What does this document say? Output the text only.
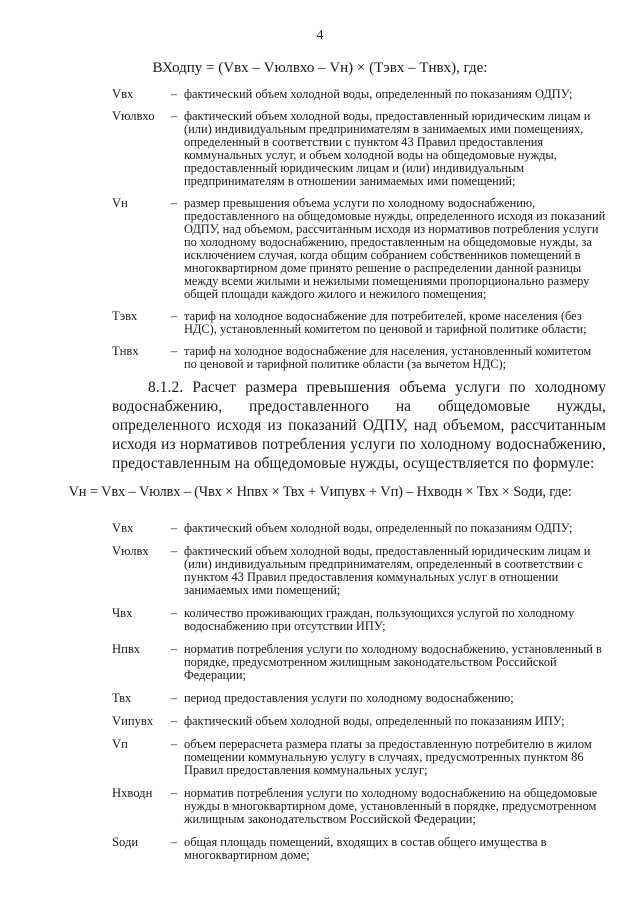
4
ВХодпу = (Vвх – Vюлвхо – Vн) × (Тэвх – Тнвх), где:
Vвх	– фактический объем холодной воды, определенный по показаниям ОДПУ;
Vюлвхо	– фактический объем холодной воды, предоставленный юридическим лицам и (или) индивидуальным предпринимателям в занимаемых ими помещениях, определенный в соответствии с пунктом 43 Правил предоставления коммунальных услуг, и объем холодной воды на общедомовые нужды, предоставленный юридическим лицам и (или) индивидуальным предпринимателям в отношении занимаемых ими помещений;
Vн	– размер превышения объема услуги по холодному водоснабжению, предоставленного на общедомовые нужды, определенного исходя из показаний ОДПУ, над объемом, рассчитанным исходя из нормативов потребления услуги по холодному водоснабжению, предоставленным на общедомовые нужды, за исключением случая, когда общим собранием собственников помещений в многоквартирном доме принято решение о распределении данной разницы между всеми жилыми и нежилыми помещениями пропорционально размеру общей площади каждого жилого и нежилого помещения;
Тэвх	– тариф на холодное водоснабжение для потребителей, кроме населения (без НДС), установленный комитетом по ценовой и тарифной политике области;
Тнвх	– тариф на холодное водоснабжение для населения, установленный комитетом по ценовой и тарифной политике области (за вычетом НДС);
8.1.2. Расчет размера превышения объема услуги по холодному водоснабжению, предоставленного на общедомовые нужды, определенного исходя из показаний ОДПУ, над объемом, рассчитанным исходя из нормативов потребления услуги по холодному водоснабжению, предоставленным на общедомовые нужды, осуществляется по формуле:
Vн = Vвх – Vюлвх – (Чвх × Нпвх × Твх + Vипувх + Vп) – Нхводн × Твх × Sоди, где:
Vвх	– фактический объем холодной воды, определенный по показаниям ОДПУ;
Vюлвх	– фактический объем холодной воды, предоставленный юридическим лицам и (или) индивидуальным предпринимателям, определенный в соответствии с пунктом 43 Правил предоставления коммунальных услуг в отношении занимаемых ими помещений;
Чвх	– количество проживающих граждан, пользующихся услугой по холодному водоснабжению при отсутствии ИПУ;
Нпвх	– норматив потребления услуги по холодному водоснабжению, установленный в порядке, предусмотренном жилищным законодательством Российской Федерации;
Твх	– период предоставления услуги по холодному водоснабжению;
Vипувх	– фактический объем холодной воды, определенный по показаниям ИПУ;
Vп	– объем перерасчета размера платы за предоставленную потребителю в жилом помещении коммунальную услугу в случаях, предусмотренных пунктом 86 Правил предоставления коммунальных услуг;
Нхводн	– норматив потребления услуги по холодному водоснабжению на общедомовые нужды в многоквартирном доме, установленный в порядке, предусмотренном жилищным законодательством Российской Федерации;
Sоди	– общая площадь помещений, входящих в состав общего имущества в многоквартирном доме;
